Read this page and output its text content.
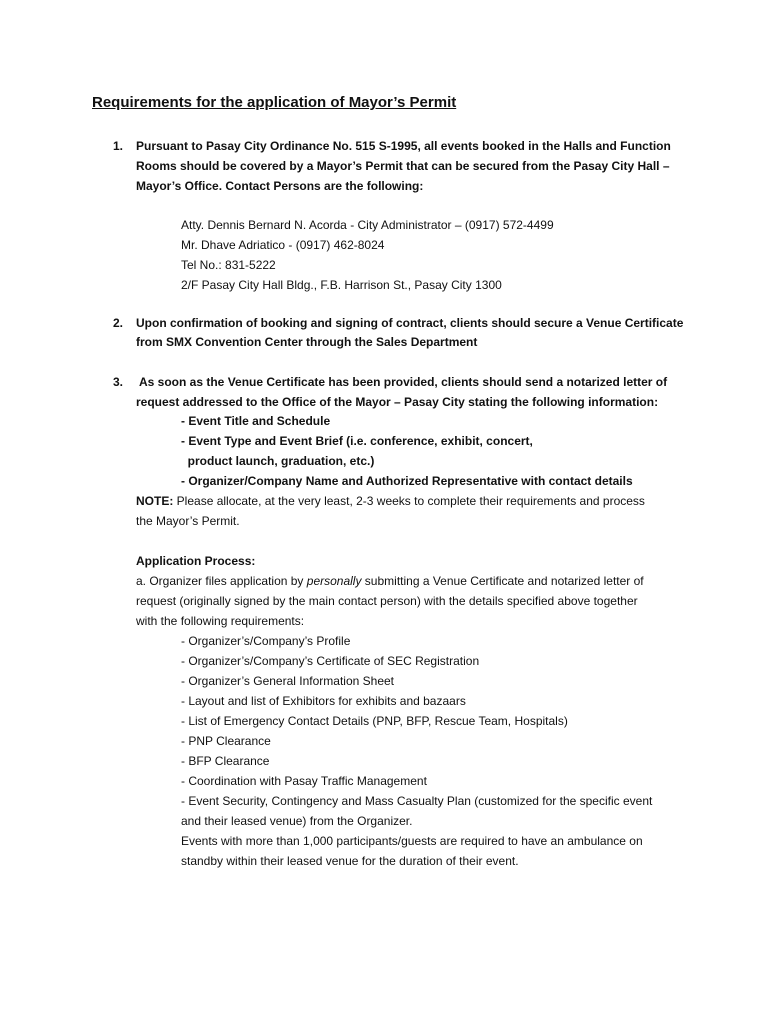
Requirements for the application of Mayor’s Permit
1. Pursuant to Pasay City Ordinance No. 515 S-1995, all events booked in the Halls and Function
Rooms should be covered by a Mayor’s Permit that can be secured from the Pasay City Hall –
Mayor’s Office. Contact Persons are the following:
Atty. Dennis Bernard N. Acorda - City Administrator – (0917) 572-4499
Mr. Dhave Adriatico - (0917) 462-8024
Tel No.: 831-5222
2/F Pasay City Hall Bldg., F.B. Harrison St., Pasay City 1300
2. Upon confirmation of booking and signing of contract, clients should secure a Venue Certificate
from SMX Convention Center through the Sales Department
3. As soon as the Venue Certificate has been provided, clients should send a notarized letter of
request addressed to the Office of the Mayor – Pasay City stating the following information:
- Event Title and Schedule
- Event Type and Event Brief (i.e. conference, exhibit, concert,
product launch, graduation, etc.)
- Organizer/Company Name and Authorized Representative with contact details
NOTE: Please allocate, at the very least, 2-3 weeks to complete their requirements and process
the Mayor’s Permit.
Application Process:
a. Organizer files application by personally submitting a Venue Certificate and notarized letter of
request (originally signed by the main contact person) with the details specified above together
with the following requirements:
- Organizer’s/Company’s Profile
- Organizer’s/Company’s Certificate of SEC Registration
- Organizer’s General Information Sheet
- Layout and list of Exhibitors for exhibits and bazaars
- List of Emergency Contact Details (PNP, BFP, Rescue Team, Hospitals)
- PNP Clearance
- BFP Clearance
- Coordination with Pasay Traffic Management
- Event Security, Contingency and Mass Casualty Plan (customized for the specific event
and their leased venue) from the Organizer.
Events with more than 1,000 participants/guests are required to have an ambulance on
standby within their leased venue for the duration of their event.
